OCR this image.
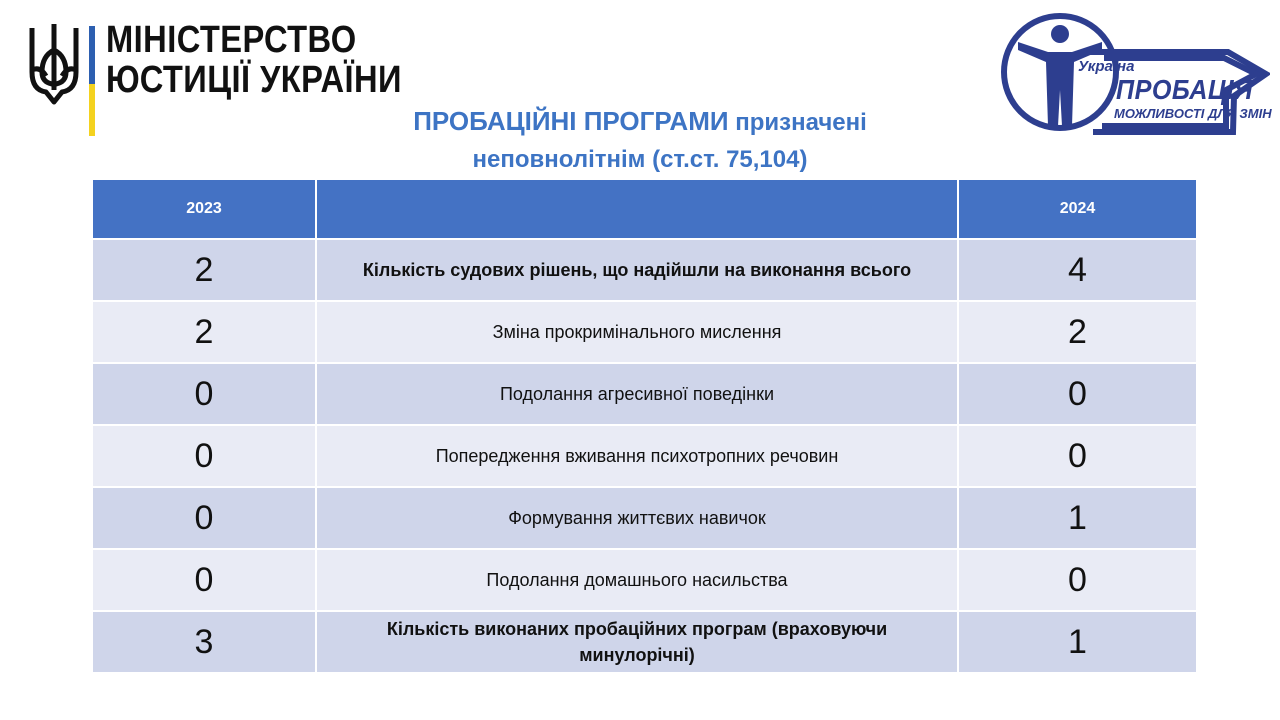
МІНІСТЕРСТВО
ЮСТИЦІЇ УКРАЇНИ	Україна
ПРОБАЦІЯ
МОЖЛИВОСТІ ДЛЯ ЗМІН
ПРОБАЦІЙНІ ПРОГРАМИ призначені
неповнолітнім (ст.ст. 75,104)
2023		2024
2	Кількість судових рішень, що надійшли на виконання всього	4
2	Зміна прокримінального мислення	2
0	Подолання агресивної поведінки	0
0	Попередження вживання психотропних речовин	0
0	Формування життєвих навичок	1
0	Подолання домашнього насильства	0
3	Кількість виконаних пробаційних програм (враховуючи минулорічні)	1
